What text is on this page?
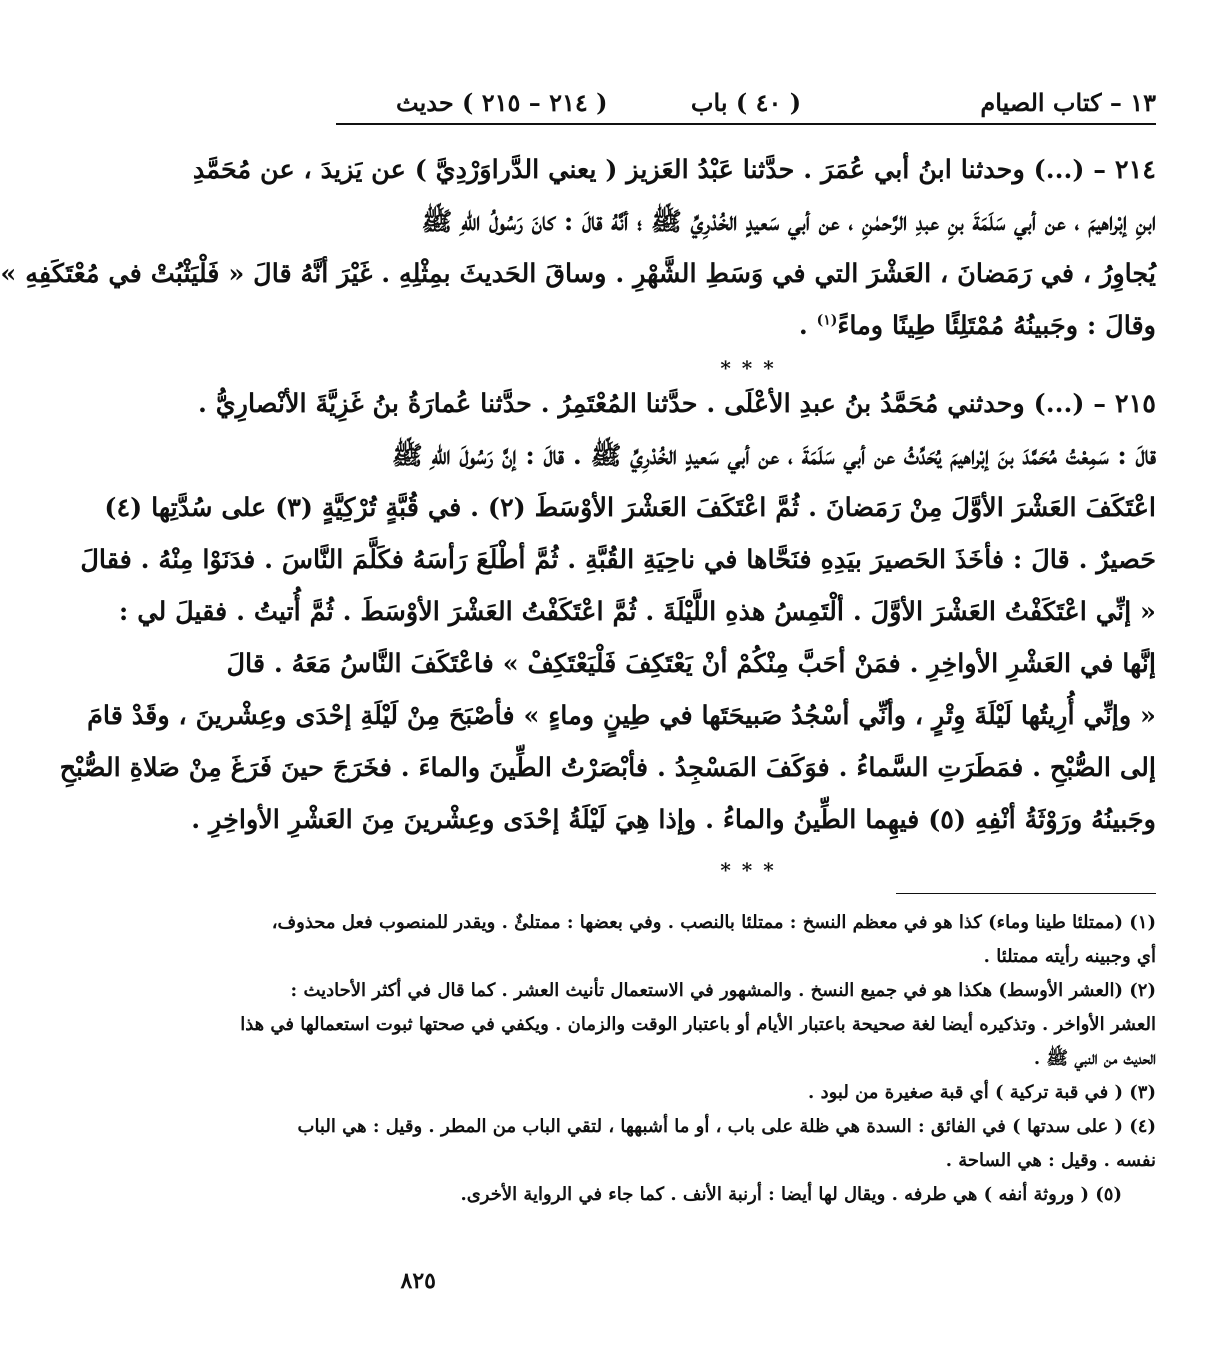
١٣ – كتاب الصيام
( ٤٠ ) باب
( ٢١٤ – ٢١٥ ) حديث
٢١٤ – (...) وحدثنا ابنُ أبي عُمَرَ . حدَّثنا عَبْدُ العَزيز ( يعني الدَّراوَرْدِيَّ ) عن يَزيدَ ، عن مُحَمَّدِ
ابنِ إبْراهيمَ ، عن أبي سَلَمَةَ بنِ عبدِ الرَّحمٰنِ ، عن أبي سَعيدٍ الخُدْرِيِّ ﷺ ؛ أنَّهُ قالَ : كانَ رَسُولُ اللهِ ﷺ
يُجاوِرُ ، في رَمَضانَ ، العَشْرَ التي في وَسَطِ الشَّهْرِ . وساقَ الحَديثَ بمِثْلِهِ . غَيْرَ أنَّهُ قالَ « فَلْيَثْبُتْ في مُعْتَكَفِهِ »
وقالَ : وجَبينُهُ مُمْتَلِئًا طِينًا وماءً$^{(١)}$ .
* * *
٢١٥ – (...) وحدثني مُحَمَّدُ بنُ عبدِ الأعْلَى . حدَّثنا المُعْتَمِرُ . حدَّثنا عُمارَةُ بنُ غَزِيَّةَ الأنْصارِيُّ .
قالَ : سَمِعْتُ مُحَمَّدَ بنَ إبْراهيمَ يُحَدِّثُ عن أبي سَلَمَةَ ، عن أبي سَعيدٍ الخُدْرِيِّ ﷺ . قالَ : إنَّ رَسُولَ اللهِ ﷺ
اعْتَكَفَ العَشْرَ الأوَّلَ مِنْ رَمَضانَ . ثُمَّ اعْتَكَفَ العَشْرَ الأوْسَطَ (٢) . في قُبَّةٍ تُرْكِيَّةٍ (٣) على سُدَّتِها (٤)
حَصيرٌ . قالَ : فأخَذَ الحَصيرَ بيَدِهِ فنَحَّاها في ناحِيَةِ القُبَّةِ . ثُمَّ أطْلَعَ رَأسَهُ فكَلَّمَ النَّاسَ . فدَنَوْا مِنْهُ . فقالَ
« إنِّي اعْتَكَفْتُ العَشْرَ الأوَّلَ . ألْتَمِسُ هذهِ اللَّيْلَةَ . ثُمَّ اعْتَكَفْتُ العَشْرَ الأوْسَطَ . ثُمَّ أُتيتُ . فقيلَ لي :
إنَّها في العَشْرِ الأواخِرِ . فمَنْ أحَبَّ مِنْكُمْ أنْ يَعْتَكِفَ فَلْيَعْتَكِفْ » فاعْتَكَفَ النَّاسُ مَعَهُ . قالَ
« وإنِّي أُرِيتُها لَيْلَةَ وِتْرٍ ، وأنِّي أسْجُدُ صَبيحَتَها في طِينٍ وماءٍ » فأصْبَحَ مِنْ لَيْلَةِ إحْدَى وعِشْرينَ ، وقَدْ قامَ
إلى الصُّبْحِ . فمَطَرَتِ السَّماءُ . فوَكَفَ المَسْجِدُ . فأبْصَرْتُ الطِّينَ والماءَ . فخَرَجَ حينَ فَرَغَ مِنْ صَلاةِ الصُّبْحِ
وجَبينُهُ ورَوْثَةُ أنْفِهِ (٥) فيهِما الطِّينُ والماءُ . وإذا هِيَ لَيْلَةُ إحْدَى وعِشْرينَ مِنَ العَشْرِ الأواخِرِ .
* * *
(١) (ممتلئا طينا وماء) كذا هو في معظم النسخ : ممتلئا بالنصب . وفي بعضها : ممتلئٌ . ويقدر للمنصوب فعل محذوف،
أي وجبينه رأيته ممتلئا .
(٢) (العشر الأوسط) هكذا هو في جميع النسخ . والمشهور في الاستعمال تأنيث العشر . كما قال في أكثر الأحاديث :
العشر الأواخر . وتذكيره أيضا لغة صحيحة باعتبار الأيام أو باعتبار الوقت والزمان . ويكفي في صحتها ثبوت استعمالها في هذا
الحديث من النبي ﷺ .
(٣) ( في قبة تركية ) أي قبة صغيرة من لبود .
(٤) ( على سدتها ) في الفائق : السدة هي ظلة على باب ، أو ما أشبهها ، لتقي الباب من المطر . وقيل : هي الباب
نفسه . وقيل : هي الساحة .
(٥) ( وروثة أنفه ) هي طرفه . ويقال لها أيضا : أرنبة الأنف . كما جاء في الرواية الأخرى.
٨٢٥
